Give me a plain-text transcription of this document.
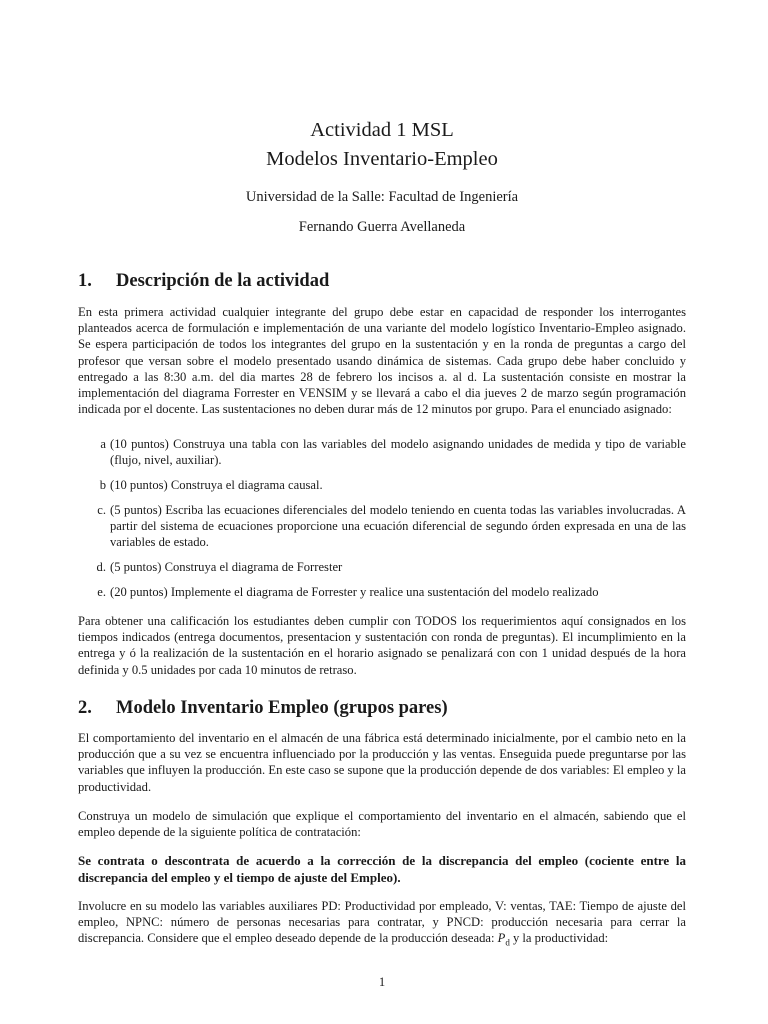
Actividad 1 MSL
Modelos Inventario-Empleo
Universidad de la Salle: Facultad de Ingeniería
Fernando Guerra Avellaneda
1. Descripción de la actividad

En esta primera actividad cualquier integrante del grupo debe estar en capacidad de responder los interrogantes planteados acerca de formulación e implementación de una variante del modelo logístico Inventario-Empleo asignado. Se espera participación de todos los integrantes del grupo en la sustentación y en la ronda de preguntas a cargo del profesor que versan sobre el modelo presentado usando dinámica de sistemas. Cada grupo debe haber concluido y entregado a las 8:30 a.m. del dia martes 28 de febrero los incisos a. al d. La sustentación consiste en mostrar la implementación del diagrama Forrester en VENSIM y se llevará a cabo el dia jueves 2 de marzo según programación indicada por el docente. Las sustentaciones no deben durar más de 12 minutos por grupo. Para el enunciado asignado:

a (10 puntos) Construya una tabla con las variables del modelo asignando unidades de medida y tipo de variable (flujo, nivel, auxiliar).
b (10 puntos) Construya el diagrama causal.
c. (5 puntos) Escriba las ecuaciones diferenciales del modelo teniendo en cuenta todas las variables involucradas. A partir del sistema de ecuaciones proporcione una ecuación diferencial de segundo órden expresada en una de las variables de estado.
d. (5 puntos) Construya el diagrama de Forrester
e. (20 puntos) Implemente el diagrama de Forrester y realice una sustentación del modelo realizado

Para obtener una calificación los estudiantes deben cumplir con TODOS los requerimientos aquí consignados en los tiempos indicados (entrega documentos, presentacion y sustentación con ronda de preguntas). El incumplimiento en la entrega y ó la realización de la sustentación en el horario asignado se penalizará con con 1 unidad después de la hora definida y 0.5 unidades por cada 10 minutos de retraso.

2. Modelo Inventario Empleo (grupos pares)

El comportamiento del inventario en el almacén de una fábrica está determinado inicialmente, por el cambio neto en la producción que a su vez se encuentra influenciado por la producción y las ventas. Enseguida puede preguntarse por las variables que influyen la producción. En este caso se supone que la producción depende de dos variables: El empleo y la productividad.

Construya un modelo de simulación que explique el comportamiento del inventario en el almacén, sabiendo que el empleo depende de la siguiente política de contratación:

Se contrata o descontrata de acuerdo a la corrección de la discrepancia del empleo (cociente entre la discrepancia del empleo y el tiempo de ajuste del Empleo).

Involucre en su modelo las variables auxiliares PD: Productividad por empleado, V: ventas, TAE: Tiempo de ajuste del empleo, NPNC: número de personas necesarias para contratar, y PNCD: producción necesaria para cerrar la discrepancia. Considere que el empleo deseado depende de la producción deseada: $P_d$ y la productividad:

1
